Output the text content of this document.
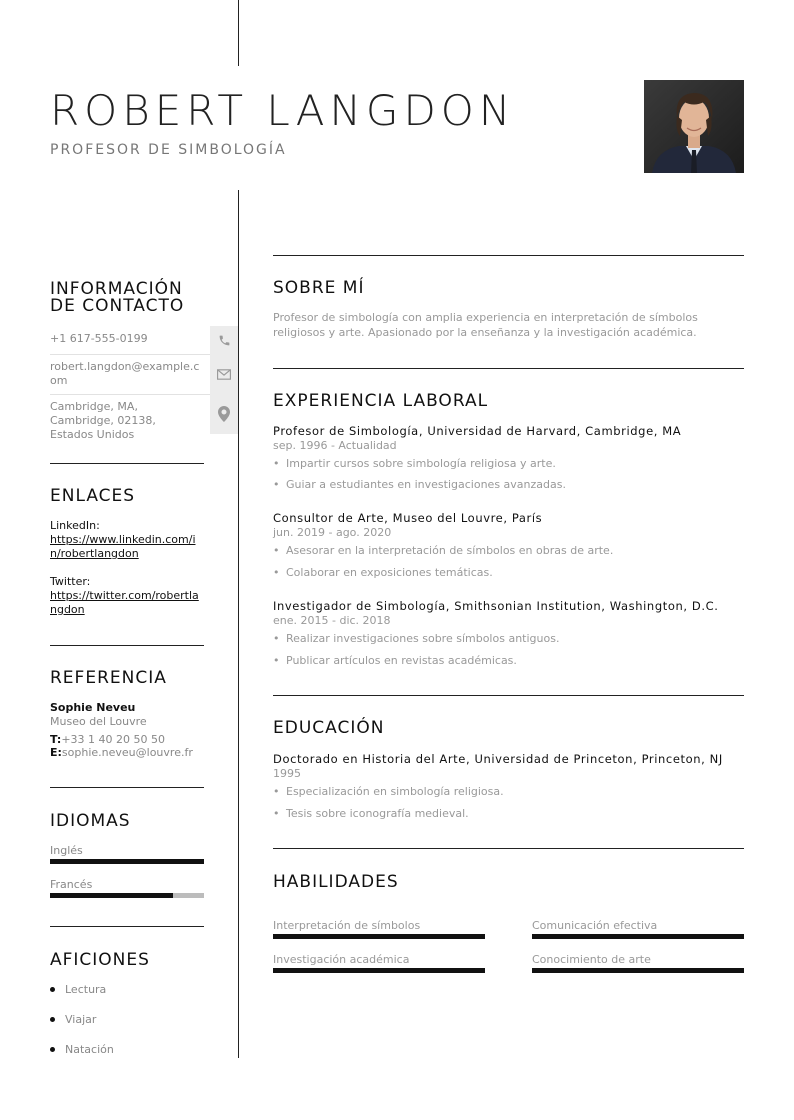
ROBERT LANGDON
PROFESOR DE SIMBOLOGÍA
INFORMACIÓN
DE CONTACTO
+1 617-555-0199
robert.langdon@example.com
Cambridge, MA, Cambridge, 02138, Estados Unidos
ENLACES
LinkedIn:
https://www.linkedin.com/in/robertlangdon
Twitter:
https://twitter.com/robertlangdon
REFERENCIA
Sophie Neveu
Museo del Louvre
T:+33 1 40 20 50 50
E:sophie.neveu@louvre.fr
IDIOMAS
Inglés
Francés
AFICIONES
Lectura
Viajar
Natación
SOBRE MÍ
Profesor de simbología con amplia experiencia en interpretación de símbolos religiosos y arte. Apasionado por la enseñanza y la investigación académica.
EXPERIENCIA LABORAL
Profesor de Simbología, Universidad de Harvard, Cambridge, MA
sep. 1996 - Actualidad
• Impartir cursos sobre simbología religiosa y arte.
• Guiar a estudiantes en investigaciones avanzadas.
Consultor de Arte, Museo del Louvre, París
jun. 2019 - ago. 2020
• Asesorar en la interpretación de símbolos en obras de arte.
• Colaborar en exposiciones temáticas.
Investigador de Simbología, Smithsonian Institution, Washington, D.C.
ene. 2015 - dic. 2018
• Realizar investigaciones sobre símbolos antiguos.
• Publicar artículos en revistas académicas.
EDUCACIÓN
Doctorado en Historia del Arte, Universidad de Princeton, Princeton, NJ
1995
• Especialización en simbología religiosa.
• Tesis sobre iconografía medieval.
HABILIDADES
Interpretación de símbolos	Comunicación efectiva
Investigación académica	Conocimiento de arte
